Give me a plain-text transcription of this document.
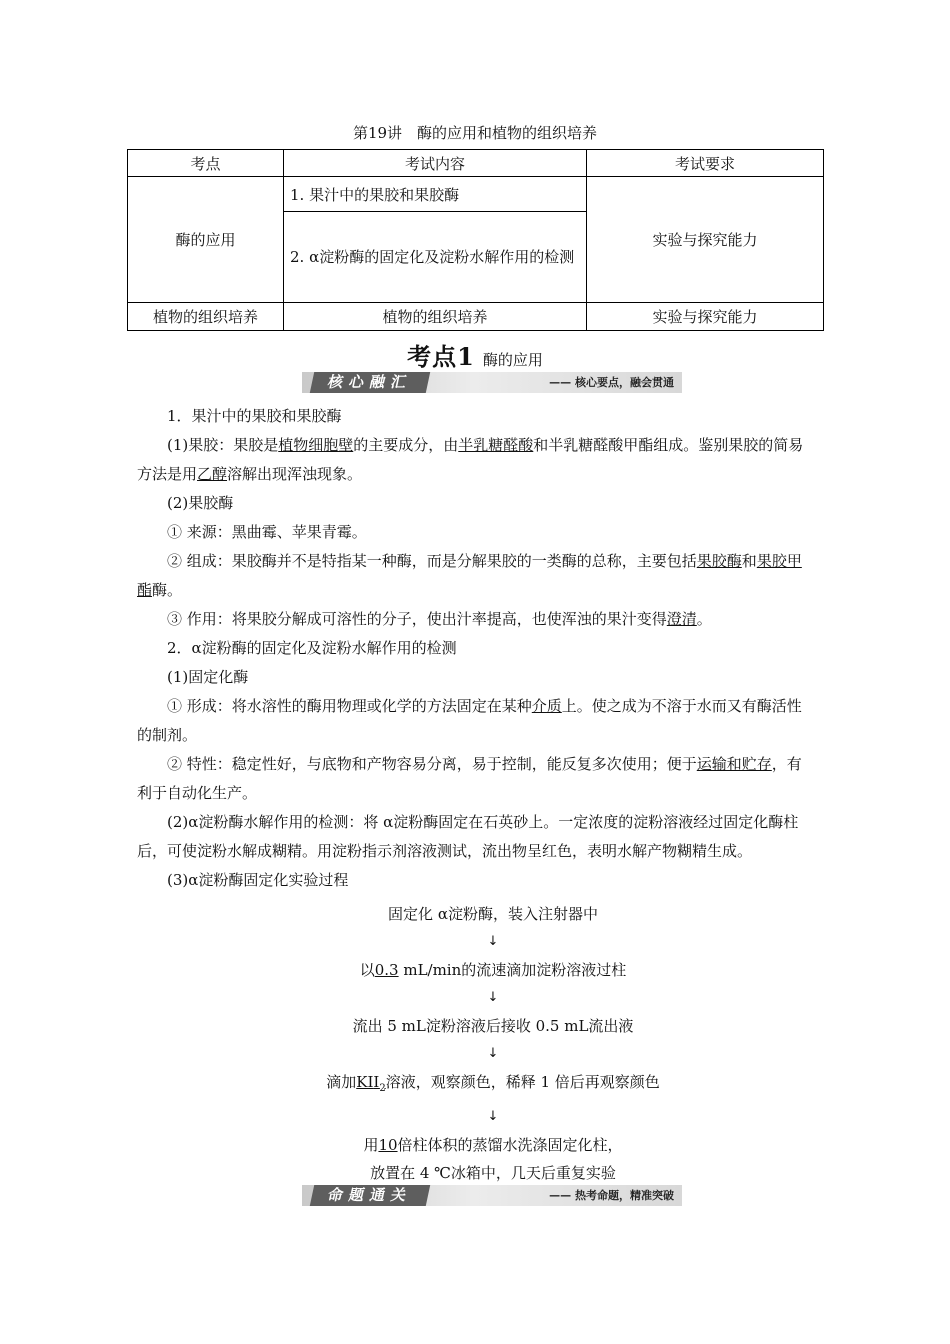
第19讲　酶的应用和植物的组织培养
考点	考试内容	考试要求
酶的应用	1. 果汁中的果胶和果胶酶	实验与探究能力
	2. α淀粉酶的固定化及淀粉水解作用的检测	
植物的组织培养	植物的组织培养	实验与探究能力
考点1 酶的应用
核心融汇	—— 核心要点，融会贯通

1．果汁中的果胶和果胶酶

(1)果胶：果胶是植物细胞壁的主要成分，由半乳糖醛酸和半乳糖醛酸甲酯组成。鉴别果胶的简易方法是用乙醇溶解出现浑浊现象。

(2)果胶酶

① 来源：黑曲霉、苹果青霉。

② 组成：果胶酶并不是特指某一种酶，而是分解果胶的一类酶的总称，主要包括果胶酶和果胶甲酯酶。

③ 作用：将果胶分解成可溶性的分子，使出汁率提高，也使浑浊的果汁变得澄清。

2．α淀粉酶的固定化及淀粉水解作用的检测

(1)固定化酶

① 形成：将水溶性的酶用物理或化学的方法固定在某种介质上。使之成为不溶于水而又有酶活性的制剂。

② 特性：稳定性好，与底物和产物容易分离，易于控制，能反复多次使用；便于运输和贮存，有利于自动化生产。

(2)α淀粉酶水解作用的检测：将 α淀粉酶固定在石英砂上。一定浓度的淀粉溶液经过固定化酶柱后，可使淀粉水解成糊精。用淀粉指示剂溶液测试，流出物呈红色，表明水解产物糊精生成。

(3)α淀粉酶固定化实验过程

固定化 α淀粉酶，装入注射器中
↓
以0.3 mL/min的流速滴加淀粉溶液过柱
↓
流出 5 mL淀粉溶液后接收 0.5 mL流出液
↓
滴加$KII_2$溶液，观察颜色，稀释 1 倍后再观察颜色
↓
用10倍柱体积的蒸馏水洗涤固定化柱，
放置在 4 ℃冰箱中，几天后重复实验
命题通关	—— 热考命题，精准突破
